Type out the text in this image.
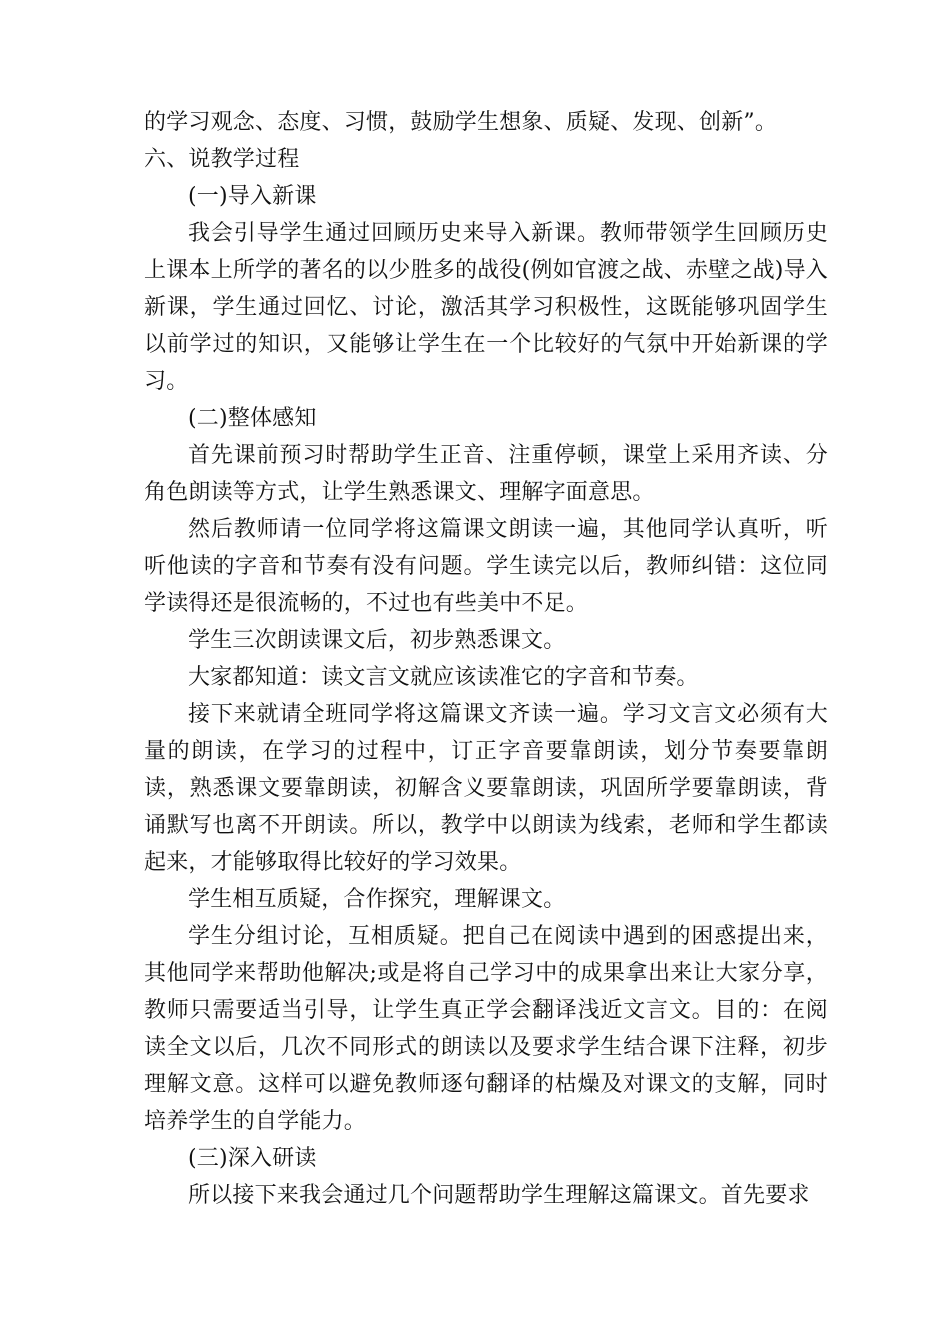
的学习观念、态度、习惯，鼓励学生想象、质疑、发现、创新”。

六、说教学过程

(一)导入新课

我会引导学生通过回顾历史来导入新课。教师带领学生回顾历史上课本上所学的著名的以少胜多的战役(例如官渡之战、赤壁之战)导入新课，学生通过回忆、讨论，激活其学习积极性，这既能够巩固学生以前学过的知识，又能够让学生在一个比较好的气氛中开始新课的学习。

(二)整体感知

首先课前预习时帮助学生正音、注重停顿，课堂上采用齐读、分角色朗读等方式，让学生熟悉课文、理解字面意思。

然后教师请一位同学将这篇课文朗读一遍，其他同学认真听，听听他读的字音和节奏有没有问题。学生读完以后，教师纠错：这位同学读得还是很流畅的，不过也有些美中不足。

学生三次朗读课文后，初步熟悉课文。

大家都知道：读文言文就应该读准它的字音和节奏。

接下来就请全班同学将这篇课文齐读一遍。学习文言文必须有大量的朗读，在学习的过程中，订正字音要靠朗读，划分节奏要靠朗读，熟悉课文要靠朗读，初解含义要靠朗读，巩固所学要靠朗读，背诵默写也离不开朗读。所以，教学中以朗读为线索，老师和学生都读起来，才能够取得比较好的学习效果。

学生相互质疑，合作探究，理解课文。

学生分组讨论，互相质疑。把自己在阅读中遇到的困惑提出来，其他同学来帮助他解决;或是将自己学习中的成果拿出来让大家分享，教师只需要适当引导，让学生真正学会翻译浅近文言文。目的：在阅读全文以后，几次不同形式的朗读以及要求学生结合课下注释，初步理解文意。这样可以避免教师逐句翻译的枯燥及对课文的支解，同时培养学生的自学能力。

(三)深入研读

所以接下来我会通过几个问题帮助学生理解这篇课文。首先要求
